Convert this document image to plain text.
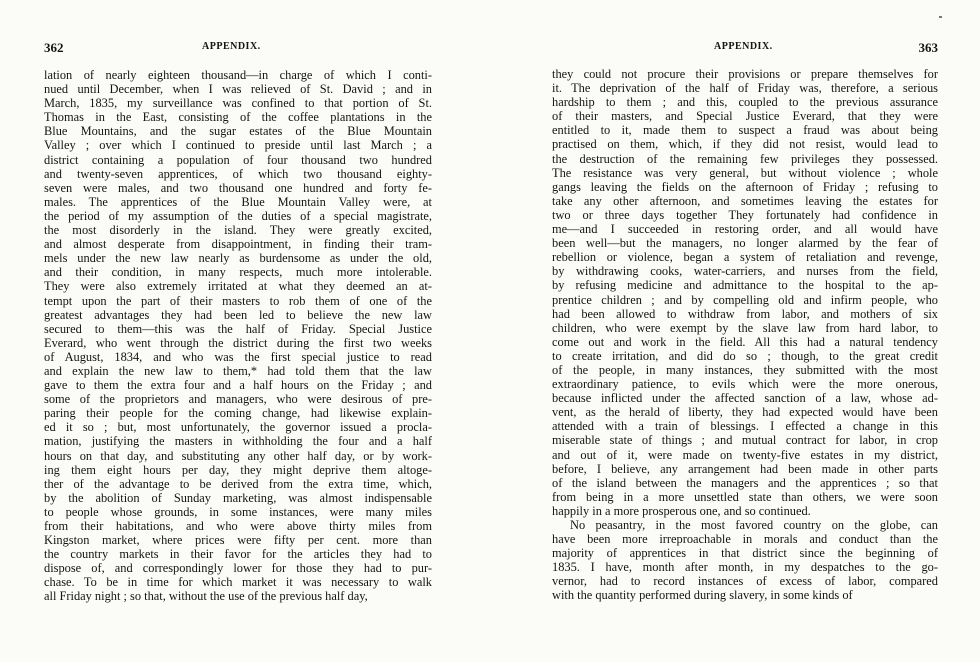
362	APPENDIX.
lation of nearly eighteen thousand—in charge of which I conti-
nued until December, when I was relieved of St. David ; and in
March, 1835, my surveillance was confined to that portion of St.
Thomas in the East, consisting of the coffee plantations in the
Blue Mountains, and the sugar estates of the Blue Mountain
Valley ; over which I continued to preside until last March ; a
district containing a population of four thousand two hundred
and twenty-seven apprentices, of which two thousand eighty-
seven were males, and two thousand one hundred and forty fe-
males. The apprentices of the Blue Mountain Valley were, at
the period of my assumption of the duties of a special magistrate,
the most disorderly in the island. They were greatly excited,
and almost desperate from disappointment, in finding their tram-
mels under the new law nearly as burdensome as under the old,
and their condition, in many respects, much more intolerable.
They were also extremely irritated at what they deemed an at-
tempt upon the part of their masters to rob them of one of the
greatest advantages they had been led to believe the new law
secured to them—this was the half of Friday. Special Justice
Everard, who went through the district during the first two weeks
of August, 1834, and who was the first special justice to read
and explain the new law to them,* had told them that the law
gave to them the extra four and a half hours on the Friday ; and
some of the proprietors and managers, who were desirous of pre-
paring their people for the coming change, had likewise explain-
ed it so ; but, most unfortunately, the governor issued a procla-
mation, justifying the masters in withholding the four and a half
hours on that day, and substituting any other half day, or by work-
ing them eight hours per day, they might deprive them altoge-
ther of the advantage to be derived from the extra time, which,
by the abolition of Sunday marketing, was almost indispensable
to people whose grounds, in some instances, were many miles
from their habitations, and who were above thirty miles from
Kingston market, where prices were fifty per cent. more than
the country markets in their favor for the articles they had to
dispose of, and correspondingly lower for those they had to pur-
chase. To be in time for which market it was necessary to walk
all Friday night ; so that, without the use of the previous half day,
APPENDIX.	363
they could not procure their provisions or prepare themselves for
it. The deprivation of the half of Friday was, therefore, a serious
hardship to them ; and this, coupled to the previous assurance
of their masters, and Special Justice Everard, that they were
entitled to it, made them to suspect a fraud was about being
practised on them, which, if they did not resist, would lead to
the destruction of the remaining few privileges they possessed.
The resistance was very general, but without violence ; whole
gangs leaving the fields on the afternoon of Friday ; refusing to
take any other afternoon, and sometimes leaving the estates for
two or three days together They fortunately had confidence in
me—and I succeeded in restoring order, and all would have
been well—but the managers, no longer alarmed by the fear of
rebellion or violence, began a system of retaliation and revenge,
by withdrawing cooks, water-carriers, and nurses from the field,
by refusing medicine and admittance to the hospital to the ap-
prentice children ; and by compelling old and infirm people, who
had been allowed to withdraw from labor, and mothers of six
children, who were exempt by the slave law from hard labor, to
come out and work in the field. All this had a natural tendency
to create irritation, and did do so ; though, to the great credit
of the people, in many instances, they submitted with the most
extraordinary patience, to evils which were the more onerous,
because inflicted under the affected sanction of a law, whose ad-
vent, as the herald of liberty, they had expected would have been
attended with a train of blessings. I effected a change in this
miserable state of things ; and mutual contract for labor, in crop
and out of it, were made on twenty-five estates in my district,
before, I believe, any arrangement had been made in other parts
of the island between the managers and the apprentices ; so that
from being in a more unsettled state than others, we were soon
happily in a more prosperous one, and so continued.
No peasantry, in the most favored country on the globe, can
have been more irreproachable in morals and conduct than the
majority of apprentices in that district since the beginning of
1835. I have, month after month, in my despatches to the go-
vernor, had to record instances of excess of labor, compared
with the quantity performed during slavery, in some kinds of
